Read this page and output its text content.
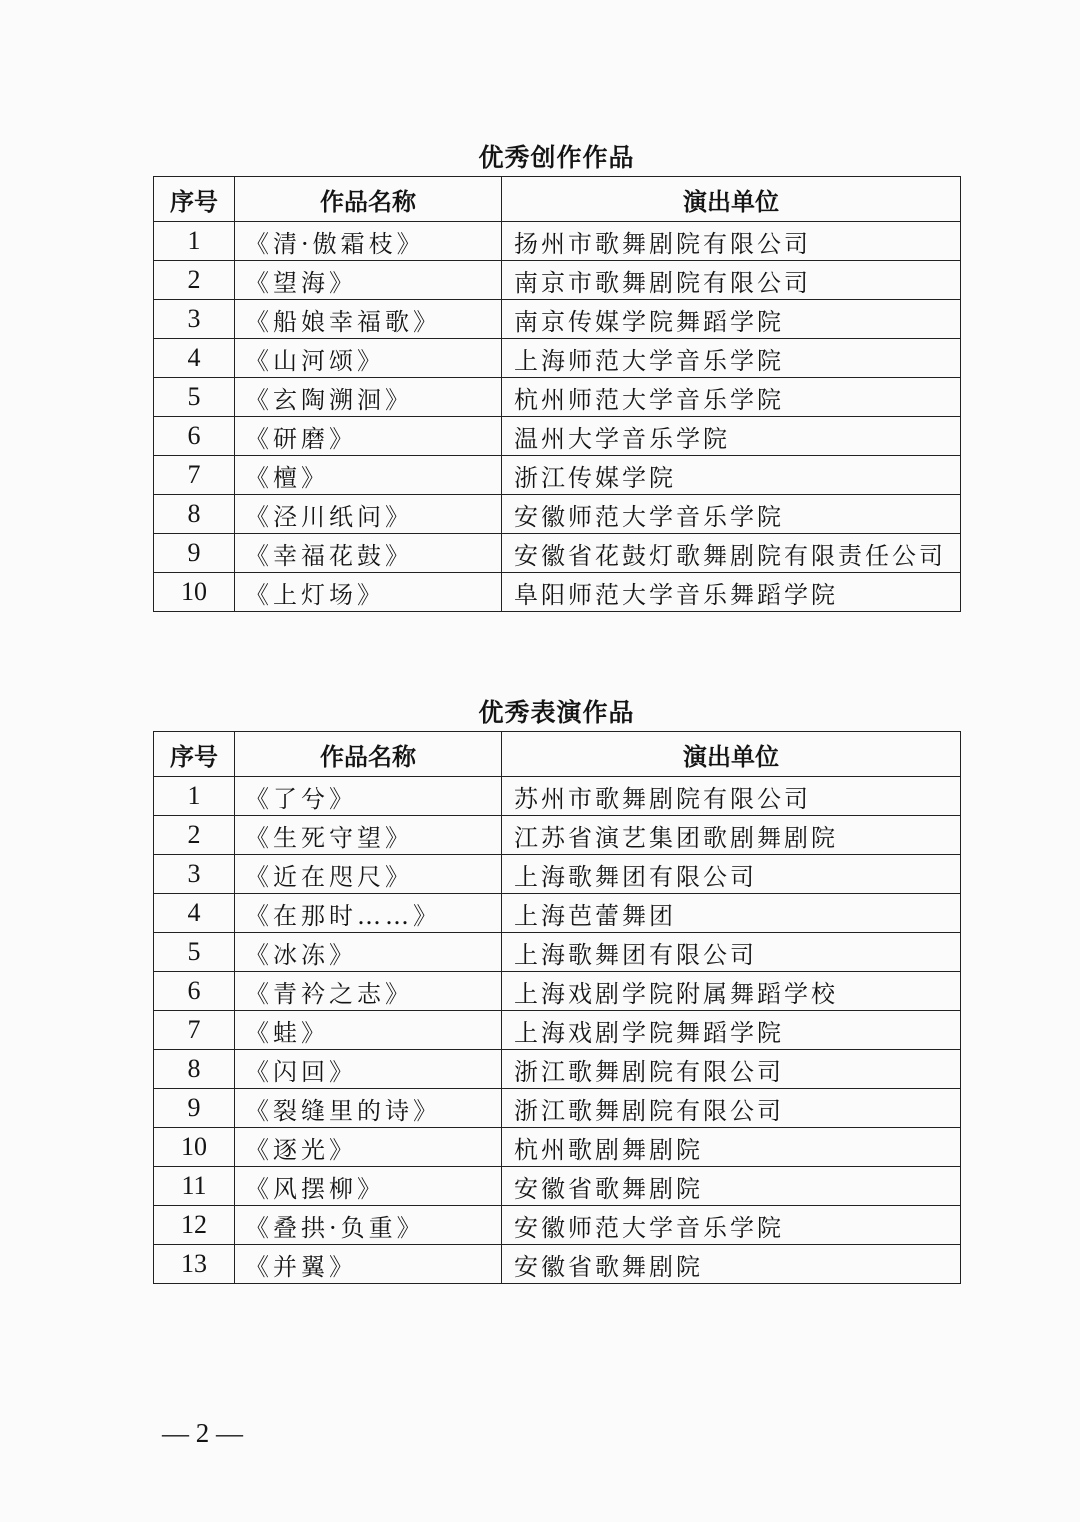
优秀创作作品
序号	作品名称	演出单位
1	《清·傲霜枝》	扬州市歌舞剧院有限公司
2	《望海》	南京市歌舞剧院有限公司
3	《船娘幸福歌》	南京传媒学院舞蹈学院
4	《山河颂》	上海师范大学音乐学院
5	《玄陶溯洄》	杭州师范大学音乐学院
6	《研磨》	温州大学音乐学院
7	《檀》	浙江传媒学院
8	《泾川纸问》	安徽师范大学音乐学院
9	《幸福花鼓》	安徽省花鼓灯歌舞剧院有限责任公司
10	《上灯场》	阜阳师范大学音乐舞蹈学院
优秀表演作品
序号	作品名称	演出单位
1	《了兮》	苏州市歌舞剧院有限公司
2	《生死守望》	江苏省演艺集团歌剧舞剧院
3	《近在咫尺》	上海歌舞团有限公司
4	《在那时……》	上海芭蕾舞团
5	《冰冻》	上海歌舞团有限公司
6	《青衿之志》	上海戏剧学院附属舞蹈学校
7	《蛙》	上海戏剧学院舞蹈学院
8	《闪回》	浙江歌舞剧院有限公司
9	《裂缝里的诗》	浙江歌舞剧院有限公司
10	《逐光》	杭州歌剧舞剧院
11	《风摆柳》	安徽省歌舞剧院
12	《叠拱·负重》	安徽师范大学音乐学院
13	《并翼》	安徽省歌舞剧院
— 2 —
